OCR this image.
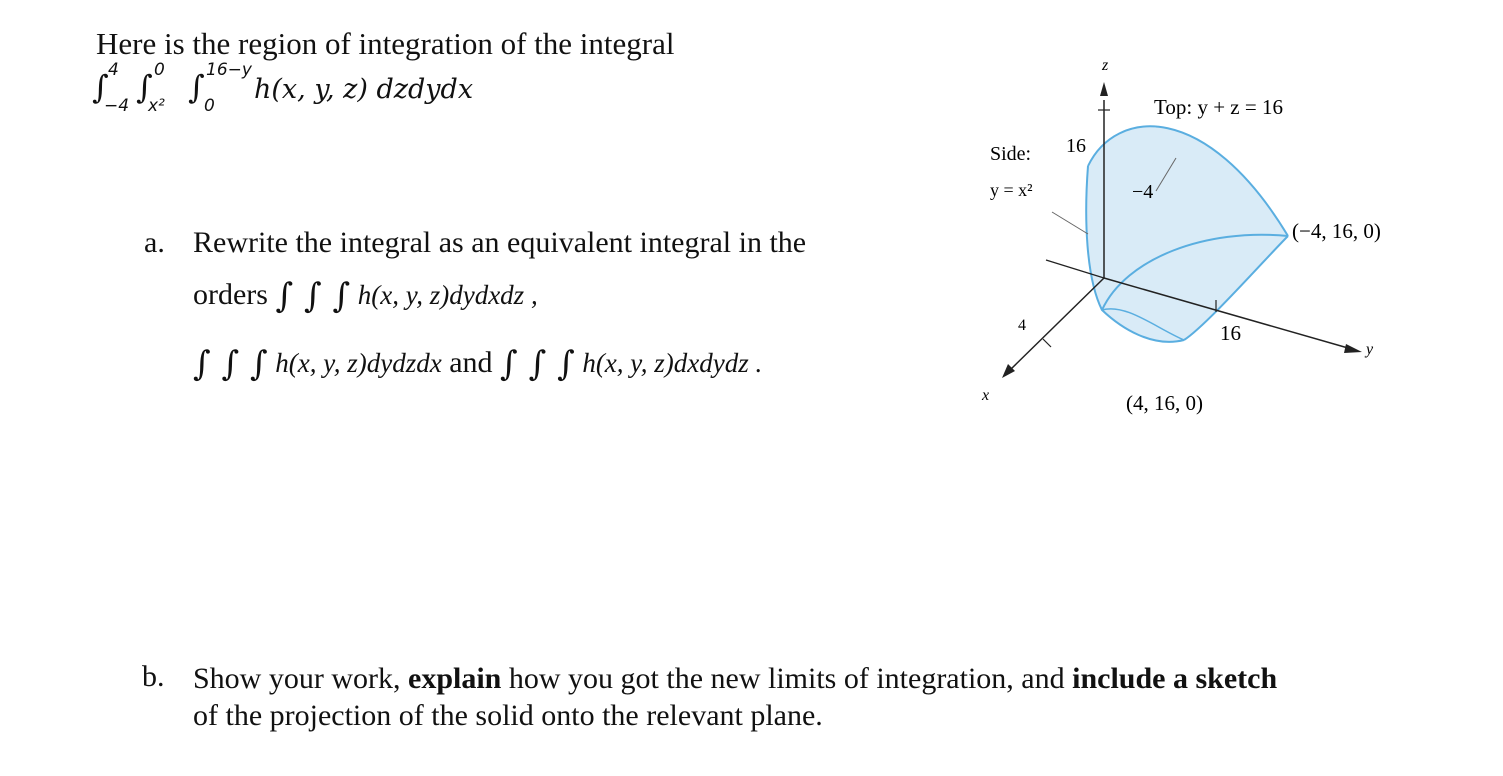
Here is the region of integration of the integral
∫ 4
−4 ∫ 0
x² ∫ 16−y
0
h(x, y, z) dzdydx
a. Rewrite the integral as an equivalent integral in the
orders ∫ ∫ ∫ h(x, y, z)dydxdz ,
∫ ∫ ∫ h(x, y, z)dydzdx and ∫ ∫ ∫ h(x, y, z)dxdydz .
z
y
x
Top: y + z = 16
Side:
y = x²
16
−4
4	16
(−4, 16, 0)
(4, 16, 0)
b. Show your work, explain how you got the new limits of integration, and include a sketch
of the projection of the solid onto the relevant plane.
